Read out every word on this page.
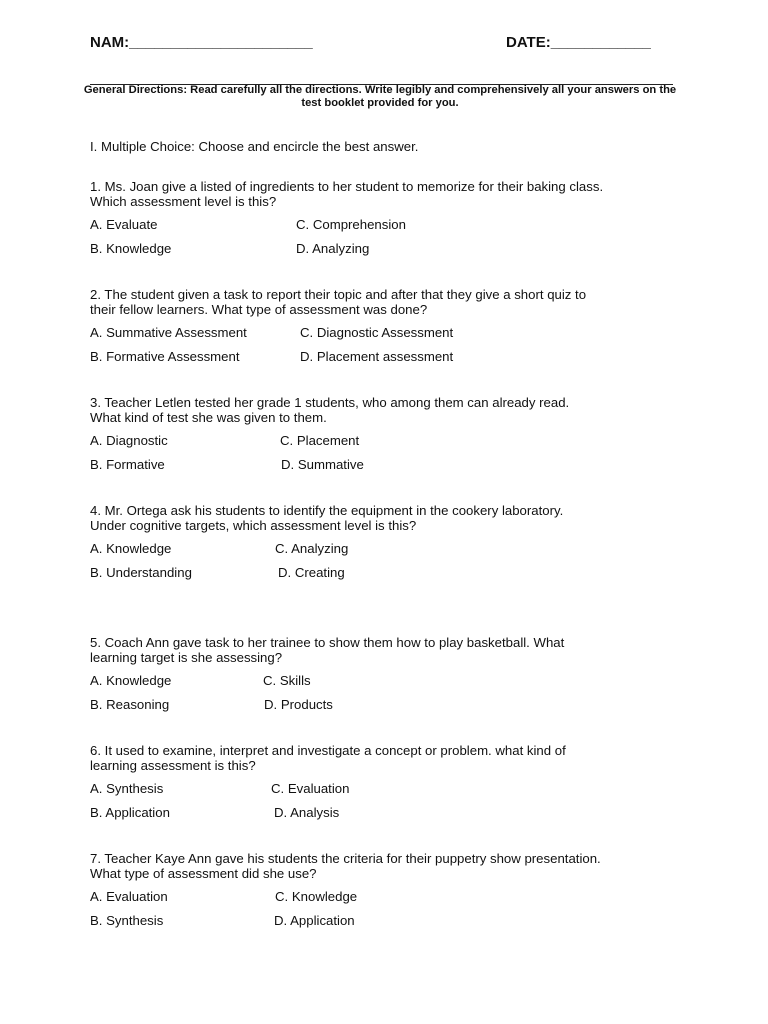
NAM:______________________	DATE:____________
General Directions: Read carefully all the directions. Write legibly and comprehensively all your answers on the test booklet provided for you.
I. Multiple Choice: Choose and encircle the best answer.
1. Ms. Joan give a listed of ingredients to her student to memorize for their baking class.
Which assessment level is this?
A. Evaluate	C. Comprehension
B. Knowledge	D. Analyzing
2. The student given a task to report their topic and after that they give a short quiz to
their fellow learners. What type of assessment was done?
A. Summative Assessment	C. Diagnostic Assessment
B. Formative Assessment	D. Placement assessment
3. Teacher Letlen tested her grade 1 students, who among them can already read.
What kind of test she was given to them.
A. Diagnostic	C. Placement
B. Formative	D. Summative
4. Mr. Ortega ask his students to identify the equipment in the cookery laboratory.
Under cognitive targets, which assessment level is this?
A. Knowledge	C. Analyzing
B. Understanding	D. Creating
5. Coach Ann gave task to her trainee to show them how to play basketball. What
learning target is she assessing?
A. Knowledge	C. Skills
B. Reasoning	D. Products
6. It used to examine, interpret and investigate a concept or problem. what kind of
learning assessment is this?
A. Synthesis	C. Evaluation
B. Application	D. Analysis
7. Teacher Kaye Ann gave his students the criteria for their puppetry show presentation.
What type of assessment did she use?
A. Evaluation	C. Knowledge
B. Synthesis	D. Application
